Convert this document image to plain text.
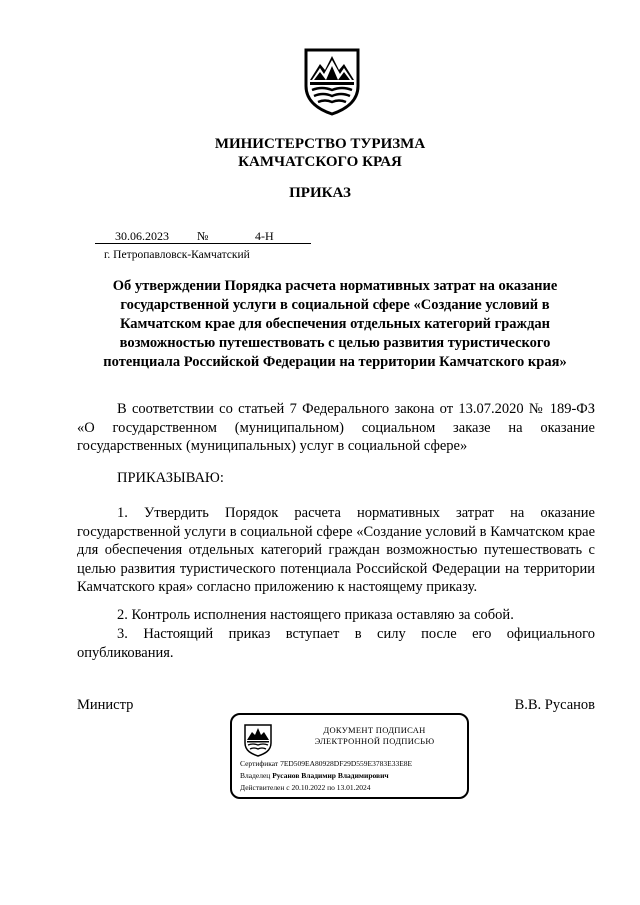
МИНИСТЕРСТВО ТУРИЗМА
КАМЧАТСКОГО КРАЯ
ПРИКАЗ
30.06.2023 №	4-Н
г. Петропавловск-Камчатский
Об утверждении Порядка расчета нормативных затрат на оказание государственной услуги в социальной сфере «Создание условий в Камчатском крае для обеспечения отдельных категорий граждан возможностью путешествовать с целью развития туристического потенциала Российской Федерации на территории Камчатского края»
В соответствии со статьей 7 Федерального закона от 13.07.2020 № 189-ФЗ «О государственном (муниципальном) социальном заказе на оказание государственных (муниципальных) услуг в социальной сфере»
ПРИКАЗЫВАЮ:
1. Утвердить Порядок расчета нормативных затрат на оказание государственной услуги в социальной сфере «Создание условий в Камчатском крае для обеспечения отдельных категорий граждан возможностью путешествовать с целью развития туристического потенциала Российской Федерации на территории Камчатского края» согласно приложению к настоящему приказу.
2. Контроль исполнения настоящего приказа оставляю за собой.
3. Настоящий приказ вступает в силу после его официального опубликования.
Министр	В.В. Русанов
ДОКУМЕНТ ПОДПИСАН
ЭЛЕКТРОННОЙ ПОДПИСЬЮ
Сертификат 7ED509EA80928DF29D559E3783E33E8E
Владелец Русанов Владимир Владимирович
Действителен с 20.10.2022 по 13.01.2024
